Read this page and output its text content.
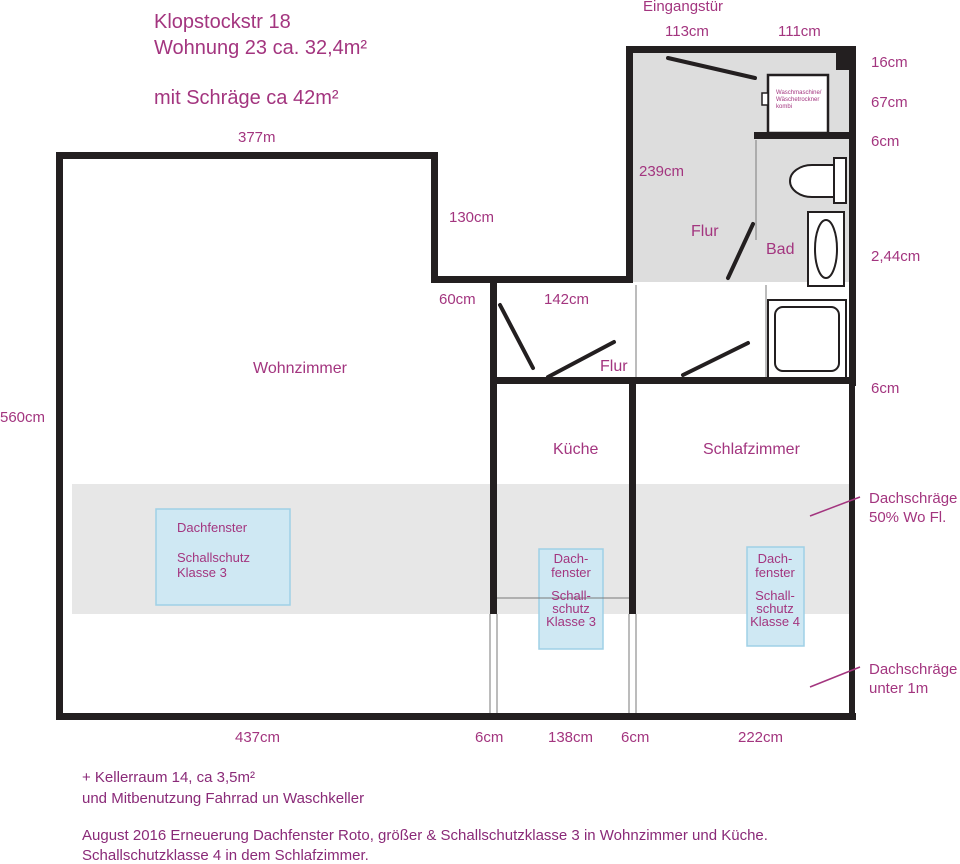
Waschmaschine/
Wäschetrockner
kombi
Klopstockstr 18
Wohnung 23 ca. 32,4m²
mit Schräge ca 42m²
377m
130cm
60cm	142cm
560cm
Eingangstür
113cm	111cm
16cm
67cm
6cm
239cm
2,44cm
6cm
437cm	6cm	138cm 6cm	222cm
Wohnzimmer
Flur
Bad
Flur
Küche	Schlafzimmer
Dachfenster
Schallschutz
Klasse 3
Dach-
fenster
Schall-
schutz
Klasse 3
Dach-
fenster
Schall-
schutz
Klasse 4
Dachschräge
50% Wo Fl.
Dachschräge
unter 1m
+ Kellerraum 14, ca 3,5m²
und Mitbenutzung Fahrrad un Waschkeller
August 2016 Erneuerung Dachfenster Roto, größer & Schallschutzklasse 3 in Wohnzimmer und Küche.
Schallschutzklasse 4 in dem Schlafzimmer.
